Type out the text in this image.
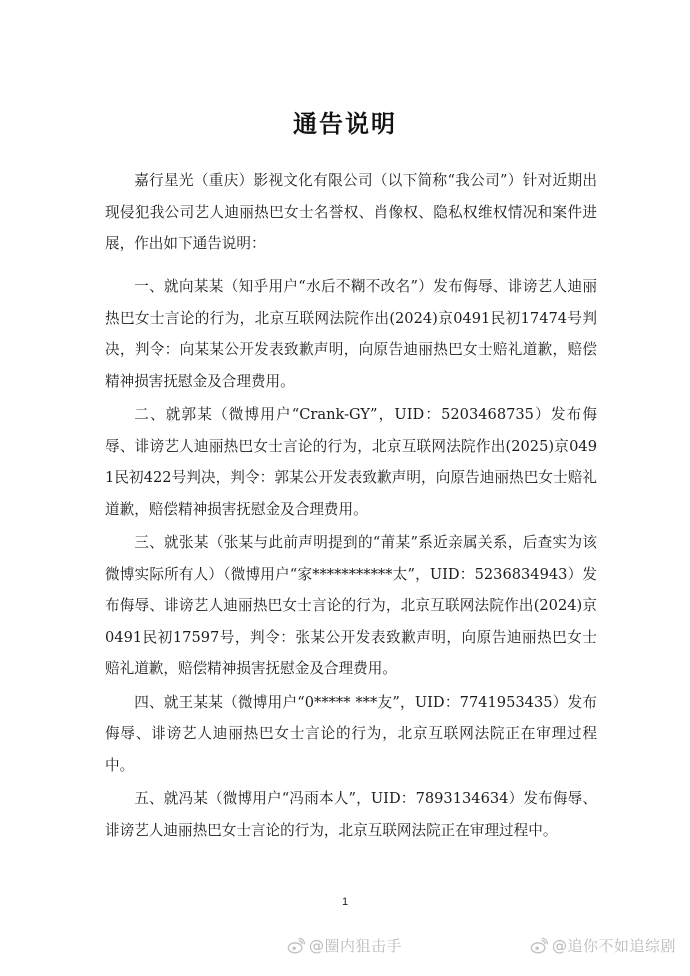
通告说明

嘉行星光（重庆）影视文化有限公司（以下简称“我公司”）针对近期出现侵犯我公司艺人迪丽热巴女士名誉权、肖像权、隐私权维权情况和案件进展，作出如下通告说明：

一、就向某某（知乎用户“水后不糊不改名”）发布侮辱、诽谤艺人迪丽热巴女士言论的行为，北京互联网法院作出(2024)京0491民初17474号判决，判令：向某某公开发表致歉声明，向原告迪丽热巴女士赔礼道歉，赔偿精神损害抚慰金及合理费用。

二、就郭某（微博用户“Crank-GY”，UID：5203468735）发布侮辱、诽谤艺人迪丽热巴女士言论的行为，北京互联网法院作出(2025)京0491民初422号判决，判令：郭某公开发表致歉声明，向原告迪丽热巴女士赔礼道歉，赔偿精神损害抚慰金及合理费用。

三、就张某（张某与此前声明提到的“莆某”系近亲属关系，后查实为该微博实际所有人）（微博用户“家***********太”，UID：5236834943）发布侮辱、诽谤艺人迪丽热巴女士言论的行为，北京互联网法院作出(2024)京0491民初17597号，判令：张某公开发表致歉声明，向原告迪丽热巴女士赔礼道歉，赔偿精神损害抚慰金及合理费用。

四、就王某某（微博用户“0***** ***友”，UID：7741953435）发布侮辱、诽谤艺人迪丽热巴女士言论的行为，北京互联网法院正在审理过程中。

五、就冯某（微博用户“冯雨本人”，UID：7893134634）发布侮辱、诽谤艺人迪丽热巴女士言论的行为，北京互联网法院正在审理过程中。

1
@圈内狙击手	@追你不如追综剧
